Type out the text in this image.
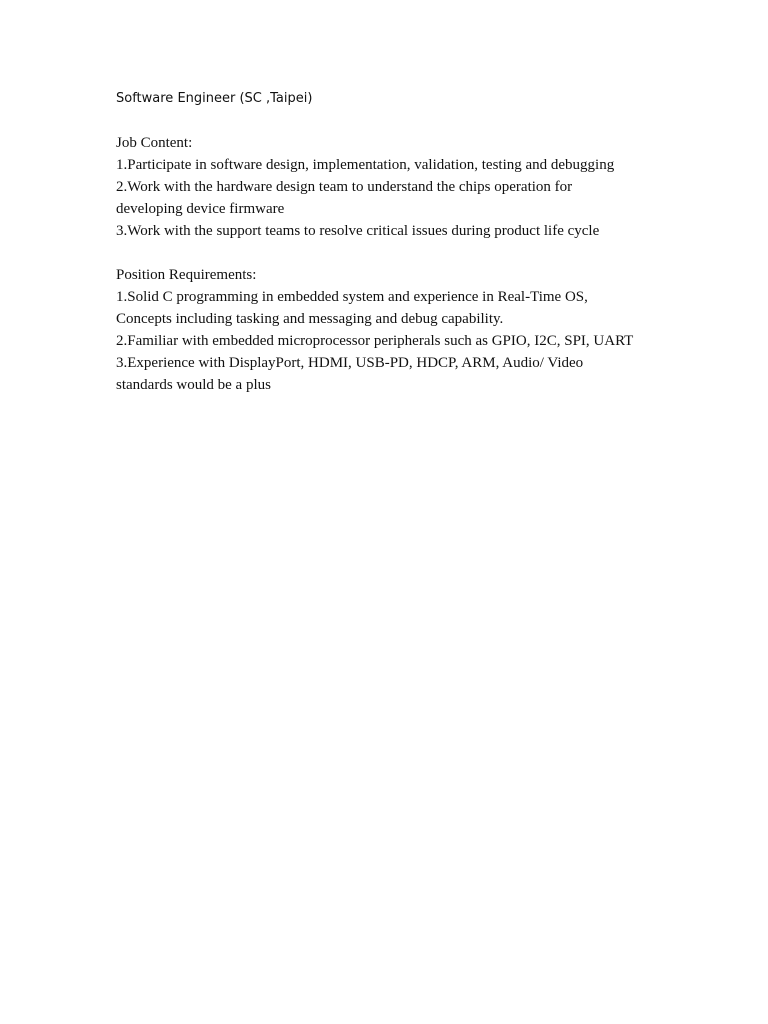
Software Engineer (SC ,Taipei)

Job Content:

1.Participate in software design, implementation, validation, testing and debugging

2.Work with the hardware design team to understand the chips operation for

developing device firmware

3.Work with the support teams to resolve critical issues during product life cycle

Position Requirements:

1.Solid C programming in embedded system and experience in Real-Time OS,

Concepts including tasking and messaging and debug capability.

2.Familiar with embedded microprocessor peripherals such as GPIO, I2C, SPI, UART

3.Experience with DisplayPort, HDMI, USB-PD, HDCP, ARM, Audio/ Video

standards would be a plus
